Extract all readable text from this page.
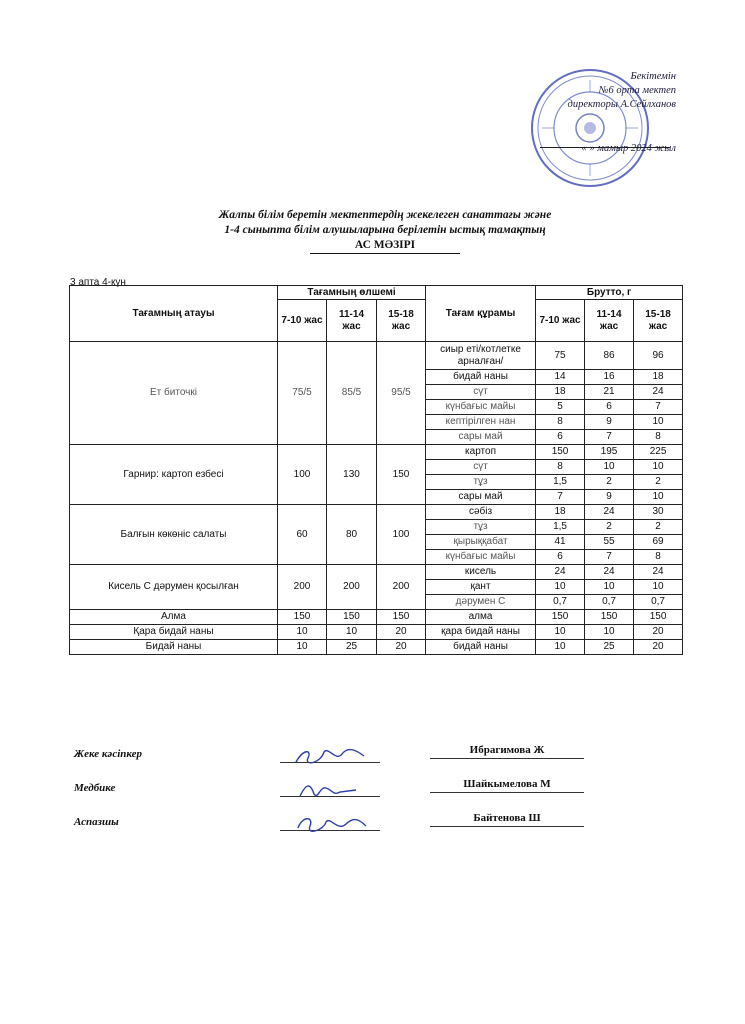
Бекітемін
№6 орта мектеп
директоры А.Сейлханов
« » мамыр 2024 жыл
Жалпы білім беретін мектептердің жекелеген санаттағы және
1-4 сыныпта білім алушыларына берілетін ыстық тамақтың
АС МӘЗІРІ
3 апта 4-күн
Тағамның атауы	Тағамның өлшемі			Тағам құрамы	Брутто, г		
	7-10 жас	11-14 жас	15-18 жас		7-10 жас	11-14 жас	15-18 жас
Ет биточкі	75/5	85/5	95/5	сиыр еті/котлетке арналған/	75	86	96
				бидай наны	14	16	18
				сүт	18	21	24
				күнбағыс майы	5	6	7
				кептірілген нан	8	9	10
				сары май	6	7	8
Гарнир: картоп езбесі	100	130	150	картоп	150	195	225
				сүт	8	10	10
				тұз	1,5	2	2
				сары май	7	9	10
Балғын көкөніс салаты	60	80	100	сәбіз	18	24	30
				тұз	1,5	2	2
				қырыққабат	41	55	69
				күнбағыс майы	6	7	8
Кисель С дәрумен қосылған	200	200	200	кисель	24	24	24
				қант	10	10	10
				дәрумен С	0,7	0,7	0,7
Алма	150	150	150	алма	150	150	150
Қара бидай наны	10	10	20	қара бидай наны	10	10	20
Бидай наны	10	25	20	бидай наны	10	25	20
Жеке кәсіпкер	Ибрагимова Ж
Медбике	Шайкымелова М
Аспазшы	Байтенова Ш
